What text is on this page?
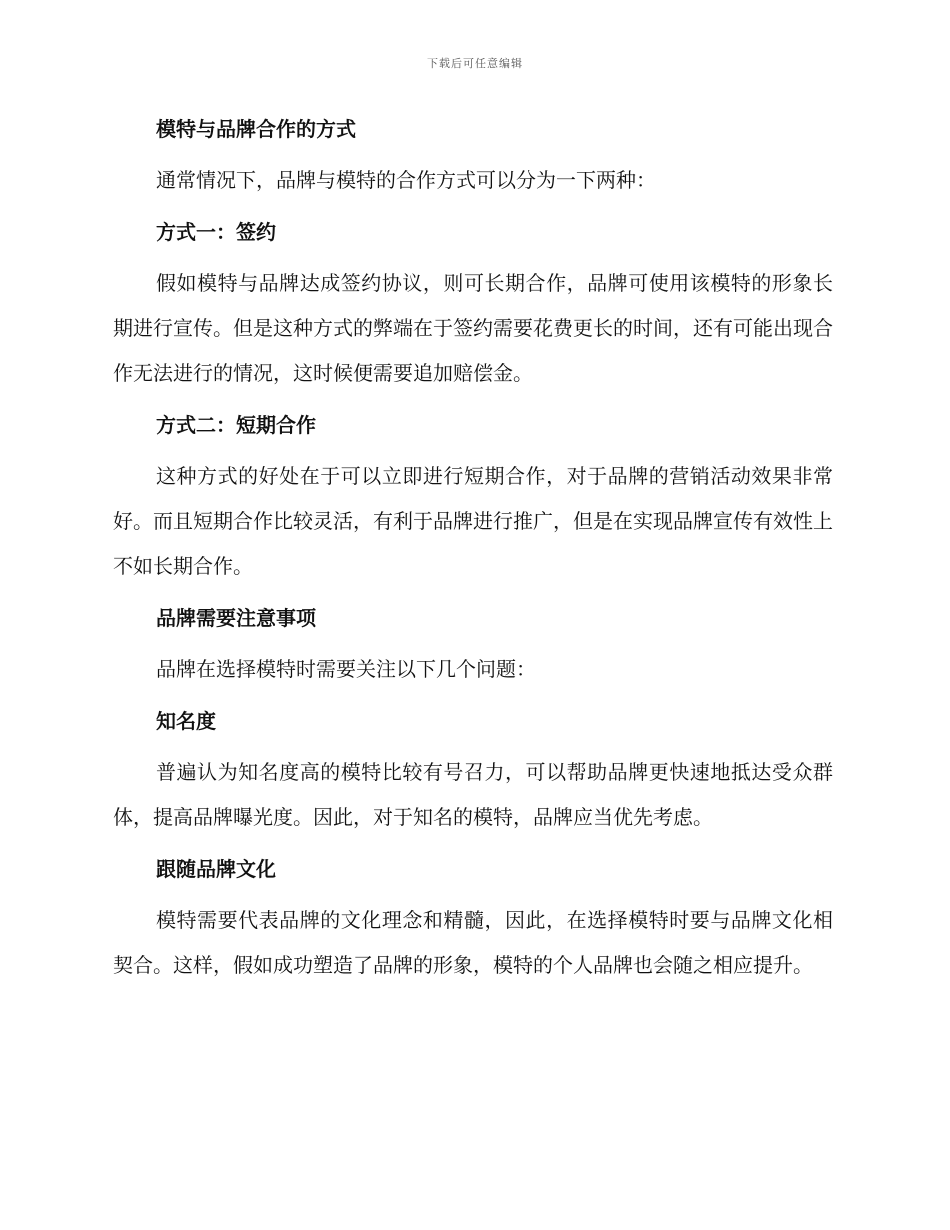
下载后可任意编辑
模特与品牌合作的方式

通常情况下，品牌与模特的合作方式可以分为一下两种：

方式一：签约

假如模特与品牌达成签约协议，则可长期合作，品牌可使用该模特的形象长期进行宣传。但是这种方式的弊端在于签约需要花费更长的时间，还有可能出现合作无法进行的情况，这时候便需要追加赔偿金。

方式二：短期合作

这种方式的好处在于可以立即进行短期合作，对于品牌的营销活动效果非常好。而且短期合作比较灵活，有利于品牌进行推广，但是在实现品牌宣传有效性上不如长期合作。

品牌需要注意事项

品牌在选择模特时需要关注以下几个问题：

知名度

普遍认为知名度高的模特比较有号召力，可以帮助品牌更快速地抵达受众群体，提高品牌曝光度。因此，对于知名的模特，品牌应当优先考虑。

跟随品牌文化

模特需要代表品牌的文化理念和精髓，因此，在选择模特时要与品牌文化相契合。这样，假如成功塑造了品牌的形象，模特的个人品牌也会随之相应提升。
